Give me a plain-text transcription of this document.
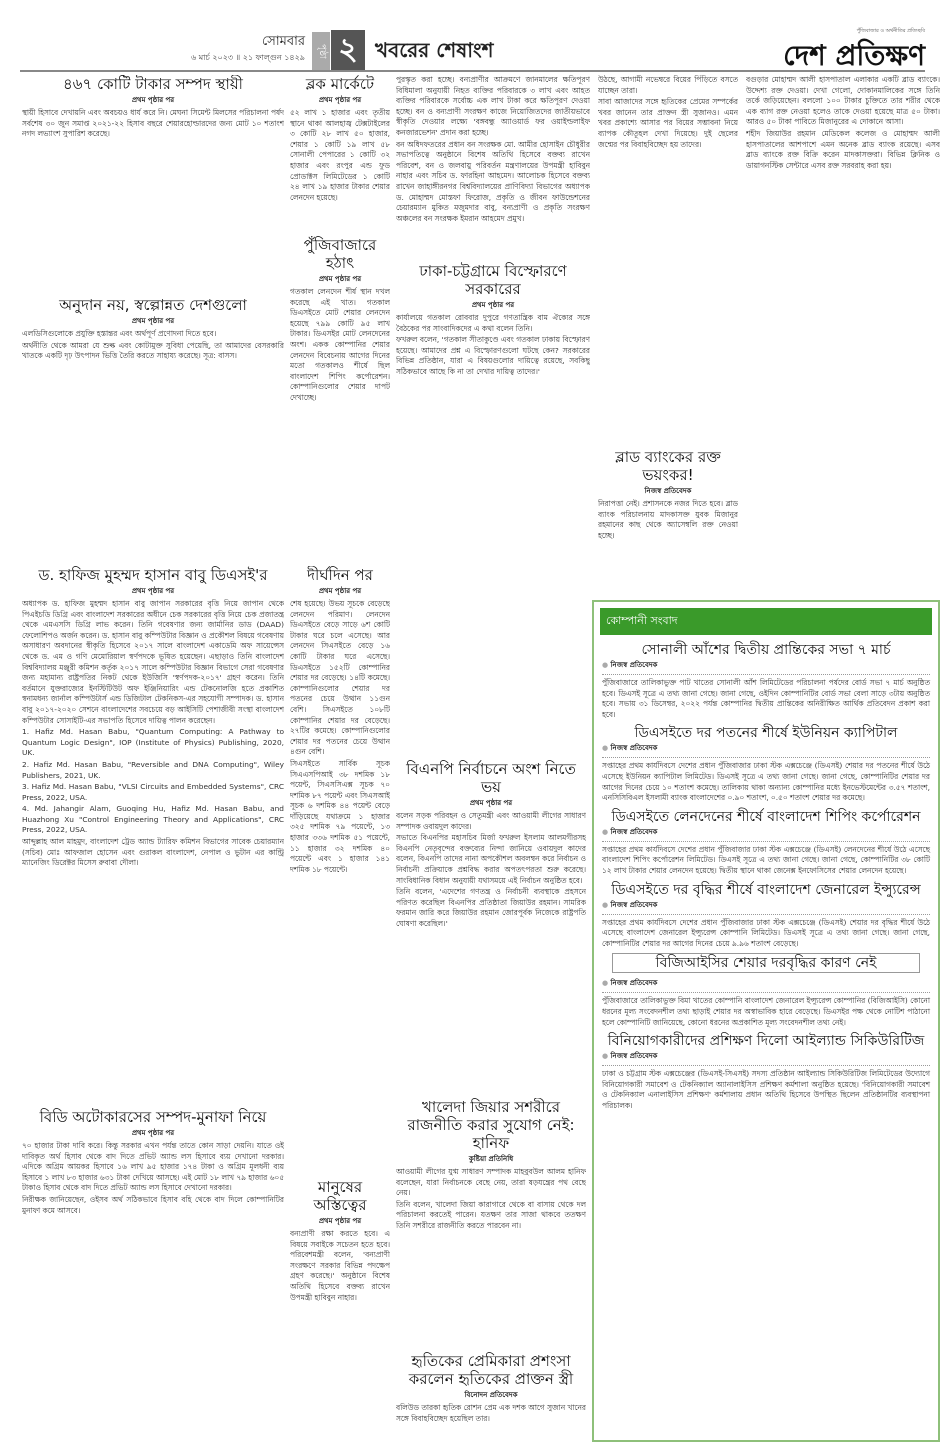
সোমবার
৬ মার্চ ২০২৩ ॥ ২১ ফাল্গুন ১৪২৯	পৃষ্ঠা ২ খবরের শেষাংশ
পুঁজিবাজার ও অর্থনীতির প্রতিচ্ছবি
দেশ প্রতিক্ষণ
৪৬৭ কোটি টাকার সম্পদ স্থায়ী
প্রথম পৃষ্ঠার পর

স্থায়ী হিসাবে দেখায়নি এবং অবচয়ও ধার্য করে নি। মেঘনা সিমেন্ট মিলসের পরিচালনা পর্ষদ সর্বশেষ ৩০ জুন সমাপ্ত ২০২১-২২ হিসাব বছরে শেয়ারহোল্ডারদের জন্য মোট ১০ শতাংশ নগদ লভ্যাংশ সুপারিশ করেছে।

অনুদান নয়, স্বল্পোন্নত দেশগুলো
প্রথম পৃষ্ঠার পর

এলডিসিগুলোকে প্রযুক্তি হস্তান্তর এবং অর্থপূর্ণ প্রণোদনা দিতে হবে।

অর্থনীতি থেকে আমরা যে শুল্ক এবং কোটামুক্ত সুবিধা পেয়েছি, তা আমাদের বেসরকারি খাতকে একটি দৃঢ় উৎপাদন ভিত্তি তৈরি করতে সাহায্য করেছে। সূত্র: বাসস।

ড. হাফিজ মুহম্মদ হাসান বাবু ডিএসই'র
প্রথম পৃষ্ঠার পর

অধ্যাপক ড. হাফিজ মুহম্মদ হাসান বাবু জাপান সরকারের বৃত্তি নিয়ে জাপান থেকে পিএইচডি ডিগ্রি এবং বাংলাদেশ সরকারের অধীনে চেক সরকারের বৃত্তি নিয়ে চেক প্রজাতন্ত্র থেকে এমএসসি ডিগ্রি লাভ করেন। তিনি গবেষণার জন্য জার্মানির ডাড (DAAD) ফেলোশিপও অর্জন করেন। ড. হাসান বাবু কম্পিউটার বিজ্ঞান ও প্রকৌশল বিষয়ে গবেষণায় অসাধারণ অবদানের স্বীকৃতি হিসেবে ২০১৭ সালে বাংলাদেশ একাডেমি অফ সায়েন্সেস থেকে ড. এম ও গণি মেমোরিয়াল স্বর্ণপদকে ভূষিত হয়েছেন। এছাড়াও তিনি বাংলাদেশ বিশ্ববিদ্যালয় মঞ্জুরী কমিশন কর্তৃক ২০১৭ সালে কম্পিউটার বিজ্ঞান বিভাগে সেরা গবেষণার জন্য মহামান্য রাষ্ট্রপতির নিকট থেকে ইউজিসি 'স্বর্ণপদক-২০১৭' গ্রহণ করেন। তিনি বর্তমানে যুক্তরাজ্যের ইনস্টিটিউট অফ ইঞ্জিনিয়ারিং এন্ড টেকনোলজি হতে প্রকাশিত স্বনামধন্য জার্নাল কম্পিউটার্স এন্ড ডিজিটাল টেকনিকস-এর সহযোগী সম্পাদক। ড. হাসান বাবু ২০১৭-২০২০ সেশনে বাংলাদেশের সবচেয়ে বড় আইসিটি পেশাজীবী সংস্থা বাংলাদেশ কম্পিউটার সোসাইটি-এর সভাপতি হিসেবে দায়িত্ব পালন করেছেন।

1. Hafiz Md. Hasan Babu, "Quantum Computing: A Pathway to Quantum Logic Design", IOP (Institute of Physics) Publishing, 2020, UK.

2. Hafiz Md. Hasan Babu, "Reversible and DNA Computing", Wiley Publishers, 2021, UK.

3. Hafiz Md. Hasan Babu, "VLSI Circuits and Embedded Systems", CRC Press, 2022, USA.

4. Md. Jahangir Alam, Guoqing Hu, Hafiz Md. Hasan Babu, and Huazhong Xu "Control Engineering Theory and Applications", CRC Press, 2022, USA.

আব্দুল্লাহ আল মাহমুদ, বাংলাদেশ ট্রেড অ্যান্ড ট্যারিফ কমিশন বিভাগের সাবেক চেয়ারম্যান (সচিব) মোঃ আফজাল হোসেন এবং গুরাকল বাংলাদেশ, নেপাল ও ভুটান এর কান্ট্রি ম্যানেজিং ডিরেক্টর মিসেস রুবাবা দৌলা।

বিডি অটোকারসের সম্পদ-মুনাফা নিয়ে
প্রথম পৃষ্ঠার পর

৭০ হাজার টাকা দাবি করে। কিন্তু সরকার এখন পর্যন্ত তাতে কোন সাড়া দেয়নি। যাতে ওই দাবিকৃত অর্থ হিসাব থেকে বাদ দিতে প্রভিট অ্যান্ড লস হিসাবে ব্যয় দেখানো দরকার। এদিকে অগ্রিম আয়কর হিসাবে ১৬ লাখ ৯৫ হাজার ১৭৪ টাকা ও অগ্রিম মূলধনী ব্যয় হিসাবে ১ লাখ ৮৩ হাজার ৬৩১ টাকা দেখিয়ে আসছে। এই মোট ১৮ লাখ ৭৯ হাজার ৬০৫ টাকাও হিসাব থেকে বাদ দিতে প্রভিট অ্যান্ড লস হিসাবে দেখানো দরকার।

নিরীক্ষক জানিয়েছেন, ওইসব অর্থ সঠিকভাবে হিসাব বহি থেকে বাদ দিলে কোম্পানিটির মুনাফা কমে আসবে।

ব্লক মার্কেটে
প্রথম পৃষ্ঠার পর

৫২ লাখ ১ হাজার এবং তৃতীয় স্থানে থাকা আলহাজ্ব টেক্সটাইলের ৩ কোটি ২৮ লাখ ৫০ হাজার, শেয়ার ১ কোটি ১৯ লাখ ৫৮ সোনালী পেপারের ১ কোটি ৩২ হাজার এবং রংপুর এন্ড ফুড প্রোডাক্টস লিমিটেডের ১ কোটি ২৪ লাখ ১৯ হাজার টাকার শেয়ার লেনদেন হয়েছে।

পুঁজিবাজারে হঠাৎ
প্রথম পৃষ্ঠার পর

গতকাল লেনদেন শীর্ষ স্থান দখল করেছে এই খাত। গতকাল ডিএসইতে মোট শেয়ার লেনদেন হয়েছে ৭৯৯ কোটি ৯৫ লাখ টাকার। ডিএসইর মোট লেনদেনের অংশ। একক কোম্পানির শেয়ার লেনদেন বিবেচনায় আগের দিনের মতো গতকালও শীর্ষে ছিল বাংলাদেশ শিপিং কর্পোরেশন। কোম্পানিগুলোর শেয়ার দাপট দেখাচ্ছে।

দীর্ঘদিন পর
প্রথম পৃষ্ঠার পর

শেষ হয়েছে। উভয় সূচকে বেড়েছে লেনদেন পরিমাণ। লেনদেন ডিএসইতে বেড়ে সাড়ে ৬শ কোটি টাকার ঘরে চলে এসেছে। আর লেনদেন সিএসইতে বেড়ে ১৬ কোটি টাকার ঘরে এসেছে। ডিএসইতে ১৫২টি কোম্পানির শেয়ার দর বেড়েছে। ১৪টি কমেছে। কোম্পানিগুলোর শেয়ার দর পতনের চেয়ে উত্থান ১১গুন বেশি। সিএসইতে ১০৮টি কোম্পানির শেয়ার দর বেড়েছে। ২৭টির কমেছে। কোম্পানিগুলোর শেয়ার দর পতনের চেয়ে উত্থান ৪গুন বেশি।

সিএসইতে সার্বিক সূচক সিএএসপিআই ৩৮ দশমিক ১৮ পয়েন্ট, সিএসসিএক্স সূচক ৭০ দশমিক ৮৭ পয়েন্ট এবং সিএসআই সূচক ৬ দশমিক ৪৪ পয়েন্ট বেড়ে দাঁড়িয়েছে যথাক্রমে ১ হাজার ৩২৫ দশমিক ৭৯ পয়েন্টে, ১৩ হাজার ৩৩৬ দশমিক ৫১ পয়েন্টে, ১১ হাজার ৩২ দশমিক ৪০ পয়েন্টে এবং ১ হাজার ১৪১ দশমিক ১৮ পয়েন্টে।

মানুষের অস্তিত্বের
প্রথম পৃষ্ঠার পর

বন্যপ্রাণী রক্ষা করতে হবে। এ বিষয়ে সবাইকে সচেতন হতে হবে। পরিবেশমন্ত্রী বলেন, 'বন্যপ্রাণী সংরক্ষণে সরকার বিভিন্ন পদক্ষেপ গ্রহণ করেছে।' অনুষ্ঠানে বিশেষ অতিথি হিসেবে বক্তব্য রাখেন উপমন্ত্রী হাবিবুন নাহার।

পুরস্কৃত করা হচ্ছে। বন্যপ্রাণীর আক্রমণে জানমালের ক্ষতিপূরণ বিধিমালা অনুযায়ী নিহত ব্যক্তির পরিবারকে ৩ লাখ এবং আহত ব্যক্তির পরিবারকে সর্বোচ্চ এক লাখ টাকা করে ক্ষতিপূরণ দেওয়া হচ্ছে। বন ও বন্যপ্রাণী সংরক্ষণ কাজে নিয়োজিতদের জাতীয়ভাবে স্বীকৃতি দেওয়ার লক্ষ্যে 'বঙ্গবন্ধু অ্যাওয়ার্ড ফর ওয়াইল্ডলাইফ কনজারভেশন' প্রদান করা হচ্ছে।

বন অধিদফতরের প্রধান বন সংরক্ষক মো. আমীর হোসাইন চৌধুরীর সভাপতিত্বে অনুষ্ঠানে বিশেষ অতিথি হিসেবে বক্তব্য রাখেন পরিবেশ, বন ও জলবায়ু পরিবর্তন মন্ত্রণালয়ের উপমন্ত্রী হাবিবুন নাহার এবং সচিব ড. ফারহিনা আহমেদ। আলোচক হিসেবে বক্তব্য রাখেন জাহাঙ্গীরনগর বিশ্ববিদ্যালয়ের প্রাণিবিদ্যা বিভাগের অধ্যাপক ড. মোহাম্মদ মোস্তফা ফিরোজ, প্রকৃতি ও জীবন ফাউন্ডেশনের চেয়ারম্যান মুকিত মজুমদার বাবু, বন্যপ্রাণী ও প্রকৃতি সংরক্ষণ অঞ্চলের বন সংরক্ষক ইমরান আহমেদ প্রমুখ।

ঢাকা-চট্টগ্রামে বিস্ফোরণে সরকারের
প্রথম পৃষ্ঠার পর

কার্যালয়ে গতকাল রোববার দুপুরে গণতান্ত্রিক বাম ঐক্যের সঙ্গে বৈঠকের পর সাংবাদিকদের এ কথা বলেন তিনি।

ফখরুল বলেন, 'গতকাল সীতাকুণ্ডে এবং গতকাল ঢাকায় বিস্ফোরণ হয়েছে। আমাদের প্রশ্ন এ বিস্ফোরণগুলো ঘটছে কেন? সরকারের বিভিন্ন প্রতিষ্ঠান, যারা এ বিষয়গুলোর দায়িত্বে রয়েছে, সবকিছু সঠিকভাবে আছে কি না তা দেখার দায়িত্ব তাদের।'

বিএনপি নির্বাচনে অংশ নিতে ভয়
প্রথম পৃষ্ঠার পর

বলেন সড়ক পরিবহন ও সেতুমন্ত্রী এবং আওয়ামী লীগের সাধারণ সম্পাদক ওবায়দুল কাদের।

সভাতে বিএনপির মহাসচিব মির্জা ফখরুল ইসলাম আলমগীরসহ বিএনপি নেতৃবৃন্দের বক্তব্যের নিন্দা জানিয়ে ওবায়দুল কাদের বলেন, বিএনপি তাদের নানা অপকৌশল অবলম্বন করে নির্বাচন ও নির্বাচনী প্রক্রিয়াকে প্রশ্নবিদ্ধ করার অপতৎপরতা শুরু করেছে। সাংবিধানিক বিধান অনুযায়ী যথাসময়ে এই নির্বাচন অনুষ্ঠিত হবে।

তিনি বলেন, 'এদেশের গণতন্ত্র ও নির্বাচনী ব্যবস্থাকে প্রহসনে পরিণত করেছিল বিএনপির প্রতিষ্ঠাতা জিয়াউর রহমান। সামরিক ফরমান জারি করে জিয়াউর রহমান জোরপূর্বক নিজেকে রাষ্ট্রপতি ঘোষণা করেছিল।'

খালেদা জিয়ার সশরীরে রাজনীতি করার সুযোগ নেই: হানিফ
কুষ্টিয়া প্রতিনিধি

আওয়ামী লীগের যুগ্ম সাধারণ সম্পাদক মাহবুবউল আলম হানিফ বলেছেন, যারা নির্বাচনকে বেছে নেয়, তারা ষড়যন্ত্রের পথ বেছে নেয়।

তিনি বলেন, খালেদা জিয়া কারাগারে থেকে বা বাসায় থেকে দল পরিচালনা করতেই পারেন। যতক্ষণ তার সাজা থাকবে ততক্ষণ তিনি সশরীরে রাজনীতি করতে পারবেন না।

হৃতিকের প্রেমিকারা প্রশংসা করলেন হৃতিকের প্রাক্তন স্ত্রী
বিনোদন প্রতিবেদক

বলিউড তারকা হৃতিক রোশন প্রেম এক দশক আগে সুজান খানের সঙ্গে বিবাহবিচ্ছেদ হয়েছিল তার।

উঠছে, আগামী নভেম্বরে বিয়ের পিঁড়িতে বসতে যাচ্ছেন তারা।

সাবা আজাদের সঙ্গে হৃতিকের প্রেমের সম্পর্কের খবর জানেন তার প্রাক্তন স্ত্রী সুজানও। এমন খবর প্রকাশ্যে আসার পর বিয়ের সম্ভাবনা নিয়ে ব্যাপক কৌতূহল দেখা দিয়েছে। দুই ছেলের জন্মের পর বিবাহবিচ্ছেদ হয় তাদের।

ব্লাড ব্যাংকের রক্ত ভয়ংকর!
নিজস্ব প্রতিবেদক

নিরাপত্তা নেই। প্রশাসনকে নজর দিতে হবে। ব্লাড ব্যাংক পরিচালনায় মাদকাসক্ত যুবক মিজানুর রহমানের কাছ থেকে অ্যাসেম্বলি রক্ত নেওয়া হচ্ছে।

বগুড়ার মোহাম্মদ আলী হাসপাতাল এলাকার একটি ব্লাড ব্যাংকে। উদ্দেশ্য রক্ত দেওয়া। দেখা গেলো, দোকানমালিকের সঙ্গে তিনি তর্কে জড়িয়েছেন। বললো ১০০ টাকার চুক্তিতে তার শরীর থেকে এক ব্যাগ রক্ত নেওয়া হলেও তাকে দেওয়া হয়েছে মাত্র ৫০ টাকা। আরও ৫০ টাকা পাবিতে মিজানুরের এ দোকানে আসা।

শহীদ জিয়াউর রহমান মেডিকেল কলেজ ও মোহাম্মদ আলী হাসপাতালের আশপাশে এমন অনেক ব্লাড ব্যাংক রয়েছে। এসব ব্লাড ব্যাংকে রক্ত বিক্রি করেন মাদকাসক্তরা। বিভিন্ন ক্লিনিক ও ডায়াগনস্টিক সেন্টারে এসব রক্ত সরবরাহ করা হয়।

কোম্পানী সংবাদ
সোনালী আঁশের দ্বিতীয় প্রান্তিকের সভা ৭ মার্চ
● নিজস্ব প্রতিবেদক

পুঁজিবাজারে তালিকাভুক্ত পাট খাতের সোনালী আঁশ লিমিটেডের পরিচালনা পর্ষদের বোর্ড সভা ৭ মার্চ অনুষ্ঠিত হবে। ডিএসই সূত্রে এ তথ্য জানা গেছে। জানা গেছে, ওইদিন কোম্পানিটির বোর্ড সভা বেলা সাড়ে ৩টায় অনুষ্ঠিত হবে। সভায় ৩১ ডিসেম্বর, ২০২২ পর্যন্ত কোম্পানির দ্বিতীয় প্রান্তিকের অনিরীক্ষিত আর্থিক প্রতিবেদন প্রকাশ করা হবে।

ডিএসইতে দর পতনের শীর্ষে ইউনিয়ন ক্যাপিটাল
● নিজস্ব প্রতিবেদক

সপ্তাহের প্রথম কার্যদিবসে দেশের প্রধান পুঁজিবাজার ঢাকা স্টক এক্সচেঞ্জে (ডিএসই) শেয়ার দর পতনের শীর্ষে উঠে এসেছে ইউনিয়ন ক্যাপিটাল লিমিটেড। ডিএসই সূত্রে এ তথ্য জানা গেছে। জানা গেছে, কোম্পানিটির শেয়ার দর আগের দিনের চেয়ে ১০ শতাংশ কমেছে। তালিকায় থাকা অন্যান্য কোম্পানির মধ্যে ইনভেস্টমেন্টের ৩.৫৭ শতাংশ, এনসিসিবিএল ইসলামী ব্যাংক বাংলাদেশের ০.৯০ শতাংশ, ০.৫০ শতাংশ শেয়ার দর কমেছে।

ডিএসইতে লেনদেনের শীর্ষে বাংলাদেশ শিপিং কর্পোরেশন
● নিজস্ব প্রতিবেদক

সপ্তাহের প্রথম কার্যদিবসে দেশের প্রধান পুঁজিবাজার ঢাকা স্টক এক্সচেঞ্জে (ডিএসই) লেনদেনের শীর্ষে উঠে এসেছে বাংলাদেশ শিপিং কর্পোরেশন লিমিটেড। ডিএসই সূত্রে এ তথ্য জানা গেছে। জানা গেছে, কোম্পানিটির ৩৮ কোটি ১২ লাখ টাকার শেয়ার লেনদেন হয়েছে। দ্বিতীয় স্থানে থাকা জেনেক্স ইনফোসিসের শেয়ার লেনদেন হয়েছে।

ডিএসইতে দর বৃদ্ধির শীর্ষে বাংলাদেশ জেনারেল ইন্স্যুরেন্স
● নিজস্ব প্রতিবেদক

সপ্তাহের প্রথম কার্যদিবসে দেশের প্রধান পুঁজিবাজার ঢাকা স্টক এক্সচেঞ্জে (ডিএসই) শেয়ার দর বৃদ্ধির শীর্ষে উঠে এসেছে বাংলাদেশ জেনারেল ইন্স্যুরেন্স কোম্পানি লিমিটেড। ডিএসই সূত্রে এ তথ্য জানা গেছে। জানা গেছে, কোম্পানিটির শেয়ার দর আগের দিনের চেয়ে ৯.৯৬ শতাংশ বেড়েছে।

বিজিআইসির শেয়ার দরবৃদ্ধির কারণ নেই
● নিজস্ব প্রতিবেদক

পুঁজিবাজারে তালিকাভুক্ত বিমা খাতের কোম্পানি বাংলাদেশ জেনারেল ইন্স্যুরেন্স কোম্পানির (বিজিআইসি) কোনো ধরনের মূল্য সংবেদনশীল তথ্য ছাড়াই শেয়ার দর অস্বাভাবিক হারে বেড়েছে। ডিএসইর পক্ষ থেকে নোটিশ পাঠানো হলে কোম্পানিটি জানিয়েছে, কোনো ধরনের অপ্রকাশিত মূল্য সংবেদনশীল তথ্য নেই।

বিনিয়োগকারীদের প্রশিক্ষণ দিলো আইল্যান্ড সিকিউরিটিজ
● নিজস্ব প্রতিবেদক

ঢাকা ও চট্টগ্রাম স্টক এক্সচেঞ্জের (ডিএসই-সিএসই) সদস্য প্রতিষ্ঠান আইল্যান্ড সিকিউরিটিজ লিমিটেডের উদ্যোগে বিনিয়োগকারী সমাবেশ ও টেকনিক্যাল অ্যানালাইসিস প্রশিক্ষণ কর্মশালা অনুষ্ঠিত হয়েছে। 'বিনিয়োগকারী সমাবেশ ও টেকনিক্যাল এনালাইসিস প্রশিক্ষণ' কর্মশালায় প্রধান অতিথি হিসেবে উপস্থিত ছিলেন প্রতিষ্ঠানটির ব্যবস্থাপনা পরিচালক।
